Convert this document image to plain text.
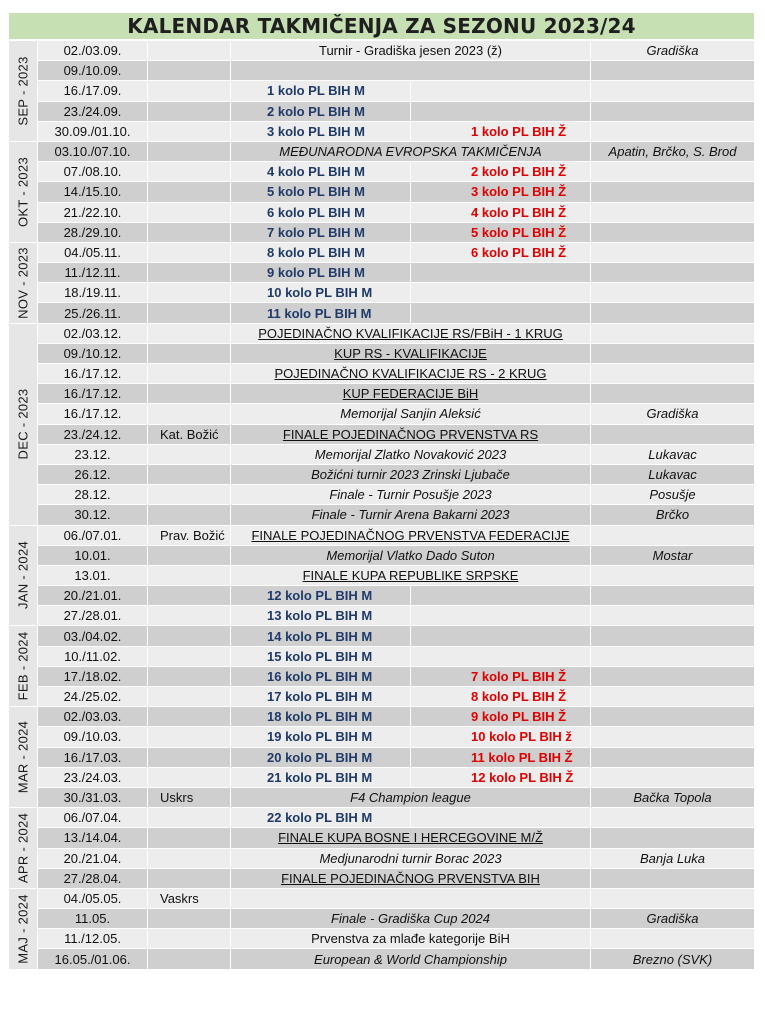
KALENDAR TAKMIČENJA ZA SEZONU 2023/24
SEP - 2023	02./03.09.		Turnir - Gradiška jesen 2023 (ž)		Gradiška
	09./10.09.				
	16./17.09.		1 kolo PL BIH M		
	23./24.09.		2 kolo PL BIH M		
	30.09./01.10.		3 kolo PL BIH M	1 kolo PL BIH Ž	

OKT - 2023	03.10./07.10.		MEĐUNARODNA EVROPSKA TAKMIČENJA		Apatin, Brčko, S. Brod
	07./08.10.		4 kolo PL BIH M	2 kolo PL BIH Ž	
	14./15.10.		5 kolo PL BIH M	3 kolo PL BIH Ž	
	21./22.10.		6 kolo PL BIH M	4 kolo PL BIH Ž	
	28./29.10.		7 kolo PL BIH M	5 kolo PL BIH Ž	

NOV - 2023	04./05.11.		8 kolo PL BIH M	6 kolo PL BIH Ž	
	11./12.11.		9 kolo PL BIH M		
	18./19.11.		10 kolo PL BIH M		
	25./26.11.		11 kolo PL BIH M		

DEC - 2023	02./03.12.		POJEDINAČNO KVALIFIKACIJE RS/FBiH - 1 KRUG		
	09./10.12.		KUP RS - KVALIFIKACIJE		
	16./17.12.		POJEDINAČNO KVALIFIKACIJE RS - 2 KRUG		
	16./17.12.		KUP FEDERACIJE BiH		
	16./17.12.		Memorijal Sanjin Aleksić		Gradiška
	23./24.12.	Kat. Božić	FINALE POJEDINAČNOG PRVENSTVA RS		
	23.12.		Memorijal Zlatko Novaković 2023		Lukavac
	26.12.		Božićni turnir 2023 Zrinski Ljubače		Lukavac
	28.12.		Finale - Turnir Posušje 2023		Posušje
	30.12.		Finale - Turnir Arena Bakarni 2023		Brčko

JAN - 2024	06./07.01.	Prav. Božić	FINALE POJEDINAČNOG PRVENSTVA FEDERACIJE		
	10.01.		Memorijal Vlatko Dado Suton		Mostar
	13.01.		FINALE KUPA REPUBLIKE SRPSKE		
	20./21.01.		12 kolo PL BIH M		
	27./28.01.		13 kolo PL BIH M		

FEB - 2024	03./04.02.		14 kolo PL BIH M		
	10./11.02.		15 kolo PL BIH M		
	17./18.02.		16 kolo PL BIH M	7 kolo PL BIH Ž	
	24./25.02.		17 kolo PL BIH M	8 kolo PL BIH Ž	

MAR - 2024	02./03.03.		18 kolo PL BIH M	9 kolo PL BIH Ž	
	09./10.03.		19 kolo PL BIH M	10 kolo PL BIH ž	
	16./17.03.		20 kolo PL BIH M	11 kolo PL BIH Ž	
	23./24.03.		21 kolo PL BIH M	12 kolo PL BIH Ž	
	30./31.03.	Uskrs	F4 Champion league		Bačka Topola

APR - 2024	06./07.04.		22 kolo PL BIH M		
	13./14.04.		FINALE KUPA BOSNE I HERCEGOVINE M/Ž		
	20./21.04.		Medjunarodni turnir Borac 2023		Banja Luka
	27./28.04.		FINALE POJEDINAČNOG PRVENSTVA BIH		

MAJ - 2024	04./05.05.	Vaskrs			
	11.05.		Finale - Gradiška Cup 2024		Gradiška
	11./12.05.		Prvenstva za mlađe kategorije BiH		
	16.05./01.06.		European & World Championship		Brezno (SVK)
